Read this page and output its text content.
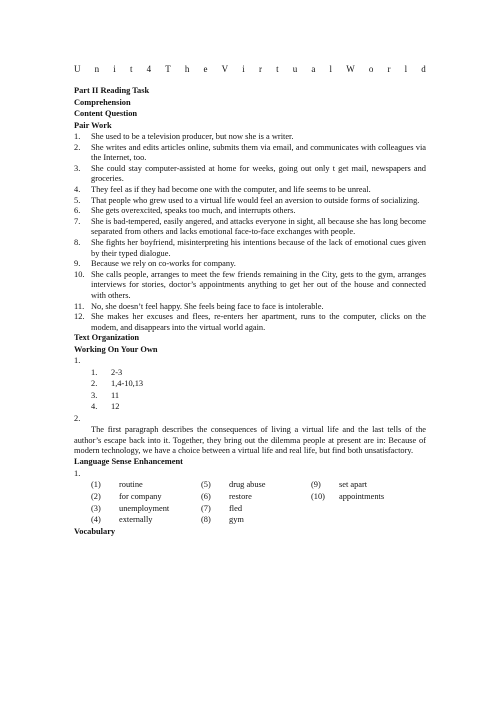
U n i t 4 T h e V i r t u a l W o r l d

Part II Reading Task

Comprehension

Content Question

Pair Work

1.	She used to be a television producer, but now she is a writer.
2.	She writes and edits articles online, submits them via email, and communicates with colleagues via the Internet, too.
3.	She could stay computer-assisted at home for weeks, going out only t get mail, newspapers and groceries.
4.	They feel as if they had become one with the computer, and life seems to be unreal.
5.	That people who grew used to a virtual life would feel an aversion to outside forms of socializing.
6.	She gets overexcited, speaks too much, and interrupts others.
7.	She is bad-tempered, easily angered, and attacks everyone in sight, all because she has long become separated from others and lacks emotional face-to-face exchanges with people.
8.	She fights her boyfriend, misinterpreting his intentions because of the lack of emotional cues given by their typed dialogue.
9.	Because we rely on co-works for company.
10. She calls people, arranges to meet the few friends remaining in the City, gets to the gym, arranges interviews for stories, doctor’s appointments anything to get her out of the house and connected with others.
11. No, she doesn’t feel happy. She feels being face to face is intolerable.
12. She makes her excuses and flees, re-enters her apartment, runs to the computer, clicks on the modem, and disappears into the virtual world again.

Text Organization

Working On Your Own

1.
1.	2-3
2.	1,4-10,13
3.	11
4.	12
2.

The first paragraph describes the consequences of living a virtual life and the last tells of the author’s escape back into it. Together, they bring out the dilemma people at present are in: Because of modern technology, we have a choice between a virtual life and real life, but find both unsatisfactory.

Language Sense Enhancement

1.
(1)	routine	(5)	drug abuse	(9)	set apart
(2)	for company	(6)	restore	(10)	appointments
(3)	unemployment	(7)	fled
(4)	externally	(8)	gym

Vocabulary
